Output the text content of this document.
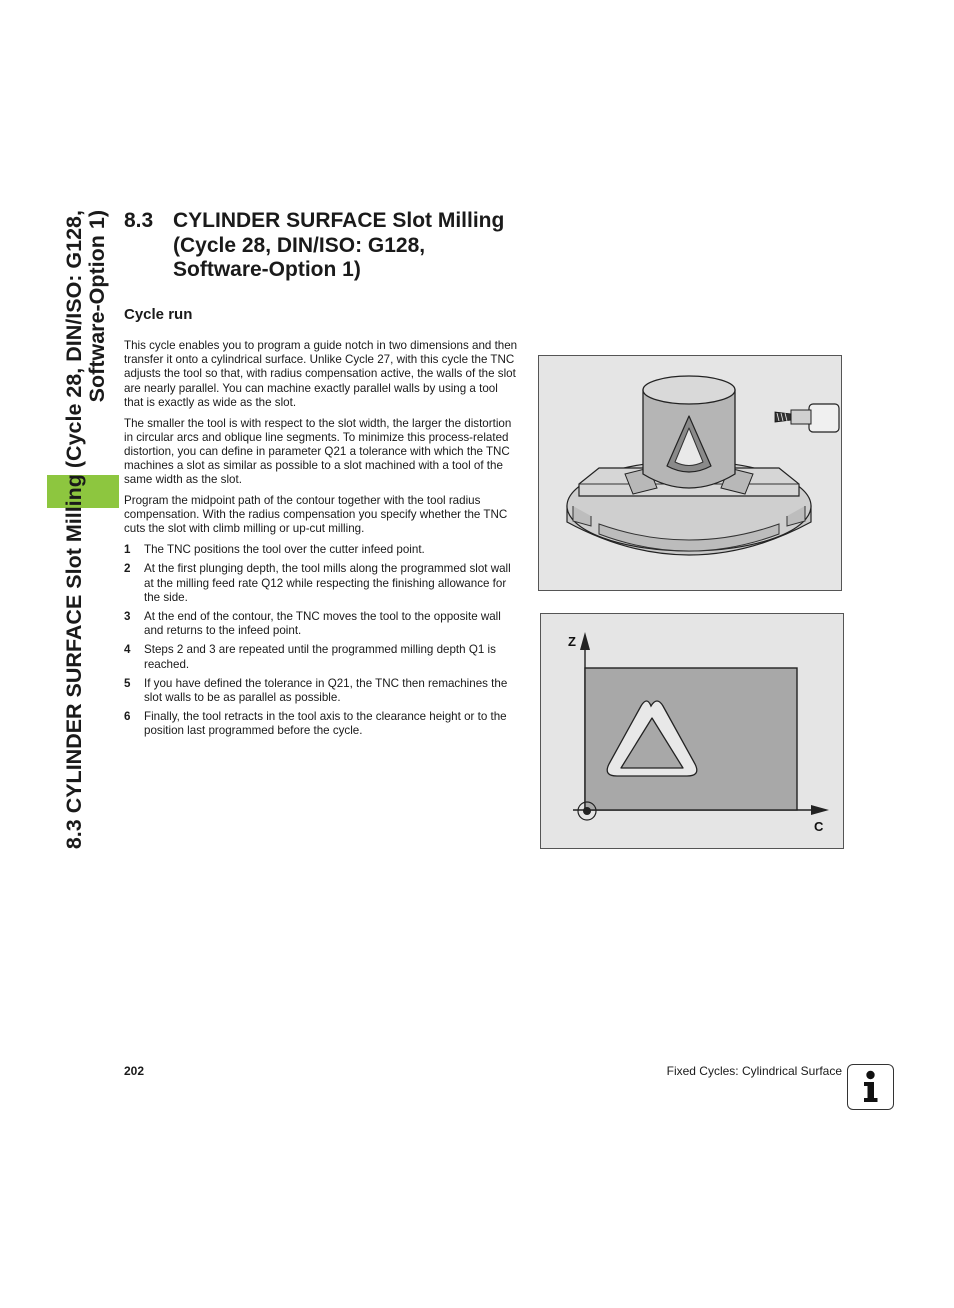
8.3 CYLINDER SURFACE Slot Milling (Cycle 28, DIN/ISO: G128,
Software-Option 1) 8.3 CYLINDER SURFACE Slot Milling
(Cycle 28, DIN/ISO: G128,
Software-Option 1)
Cycle run

This cycle enables you to program a guide notch in two dimensions and then transfer it onto a cylindrical surface. Unlike Cycle 27, with this cycle the TNC adjusts the tool so that, with radius compensation active, the walls of the slot are nearly parallel. You can machine exactly parallel walls by using a tool that is exactly as wide as the slot.

The smaller the tool is with respect to the slot width, the larger the distortion in circular arcs and oblique line segments. To minimize this process-related distortion, you can define in parameter Q21 a tolerance with which the TNC machines a slot as similar as possible to a slot machined with a tool of the same width as the slot.

Program the midpoint path of the contour together with the tool radius compensation. With the radius compensation you specify whether the TNC cuts the slot with climb milling or up-cut milling.

1 The TNC positions the tool over the cutter infeed point.
2 At the first plunging depth, the tool mills along the programmed slot wall at the milling feed rate Q12 while respecting the finishing allowance for the side.
3 At the end of the contour, the TNC moves the tool to the opposite wall and returns to the infeed point.
4 Steps 2 and 3 are repeated until the programmed milling depth Q1 is reached.
5 If you have defined the tolerance in Q21, the TNC then remachines the slot walls to be as parallel as possible.
6 Finally, the tool retracts in the tool axis to the clearance height or to the position last programmed before the cycle.
Z
C
202	Fixed Cycles: Cylindrical Surface
